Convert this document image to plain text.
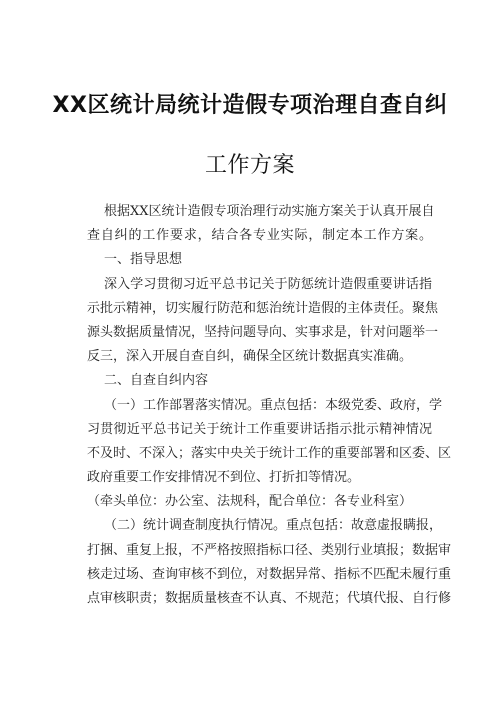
XX区统计局统计造假专项治理自查自纠
工作方案
根据XX区统计造假专项治理行动实施方案关于认真开展自
查自纠的工作要求，结合各专业实际，制定本工作方案。
一、指导思想
深入学习贯彻习近平总书记关于防惩统计造假重要讲话指
示批示精神，切实履行防范和惩治统计造假的主体责任。聚焦
源头数据质量情况，坚持问题导向、实事求是，针对问题举一
反三，深入开展自查自纠，确保全区统计数据真实准确。
二、自查自纠内容
（一）工作部署落实情况。重点包括：本级党委、政府，学
习贯彻近平总书记关于统计工作重要讲话指示批示精神情况
不及时、不深入；落实中央关于统计工作的重要部署和区委、区
政府重要工作安排情况不到位、打折扣等情况。
（牵头单位：办公室、法规科，配合单位：各专业科室）
（二）统计调查制度执行情况。重点包括：故意虚报瞒报，
打捆、重复上报，不严格按照指标口径、类别行业填报；数据审
核走过场、查询审核不到位，对数据异常、指标不匹配未履行重
点审核职责；数据质量核查不认真、不规范；代填代报、自行修
